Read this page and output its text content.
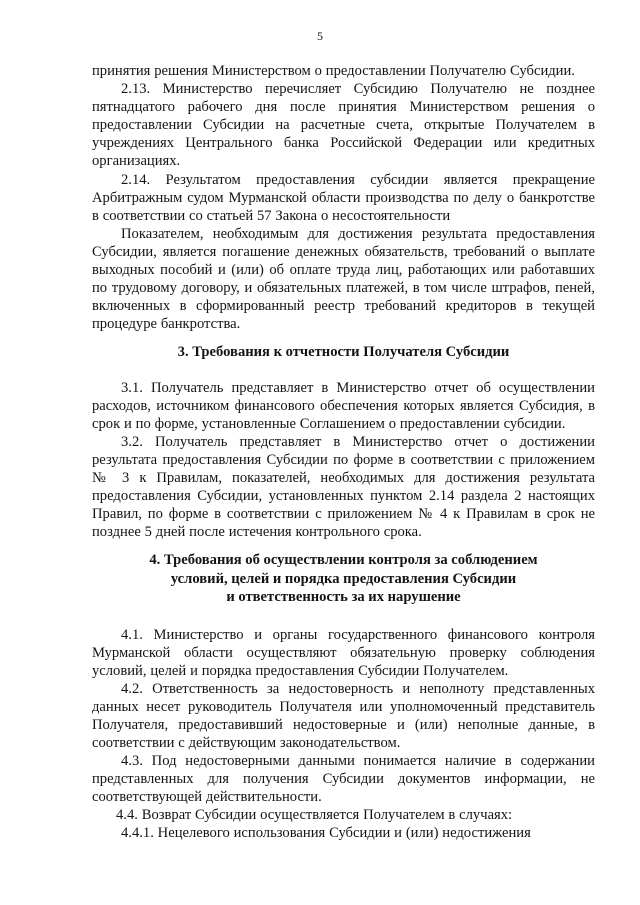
5
принятия решения Министерством о предоставлении Получателю Субсидии.
2.13. Министерство перечисляет Субсидию Получателю не позднее пятнадцатого рабочего дня после принятия Министерством решения о предоставлении Субсидии на расчетные счета, открытые Получателем в учреждениях Центрального банка Российской Федерации или кредитных организациях.
2.14. Результатом предоставления субсидии является прекращение Арбитражным судом Мурманской области производства по делу о банкротстве в соответствии со статьей 57 Закона о несостоятельности
Показателем, необходимым для достижения результата предоставления Субсидии, является погашение денежных обязательств, требований о выплате выходных пособий и (или) об оплате труда лиц, работающих или работавших по трудовому договору, и обязательных платежей, в том числе штрафов, пеней, включенных в сформированный реестр требований кредиторов в текущей процедуре банкротства.
3. Требования к отчетности Получателя Субсидии
3.1. Получатель представляет в Министерство отчет об осуществлении расходов, источником финансового обеспечения которых является Субсидия, в срок и по форме, установленные Соглашением о предоставлении субсидии.
3.2. Получатель представляет в Министерство отчет о достижении результата предоставления Субсидии по форме в соответствии с приложением № 3 к Правилам, показателей, необходимых для достижения результата предоставления Субсидии, установленных пунктом 2.14 раздела 2 настоящих Правил, по форме в соответствии с приложением № 4 к Правилам в срок не позднее 5 дней после истечения контрольного срока.
4. Требования об осуществлении контроля за соблюдением
условий, целей и порядка предоставления Субсидии
и ответственность за их нарушение
4.1. Министерство и органы государственного финансового контроля Мурманской области осуществляют обязательную проверку соблюдения условий, целей и порядка предоставления Субсидии Получателем.
4.2. Ответственность за недостоверность и неполноту представленных данных несет руководитель Получателя или уполномоченный представитель Получателя, предоставивший недостоверные и (или) неполные данные, в соответствии с действующим законодательством.
4.3. Под недостоверными данными понимается наличие в содержании представленных для получения Субсидии документов информации, не соответствующей действительности.
4.4. Возврат Субсидии осуществляется Получателем в случаях:
4.4.1. Нецелевого использования Субсидии и (или) недостижения
